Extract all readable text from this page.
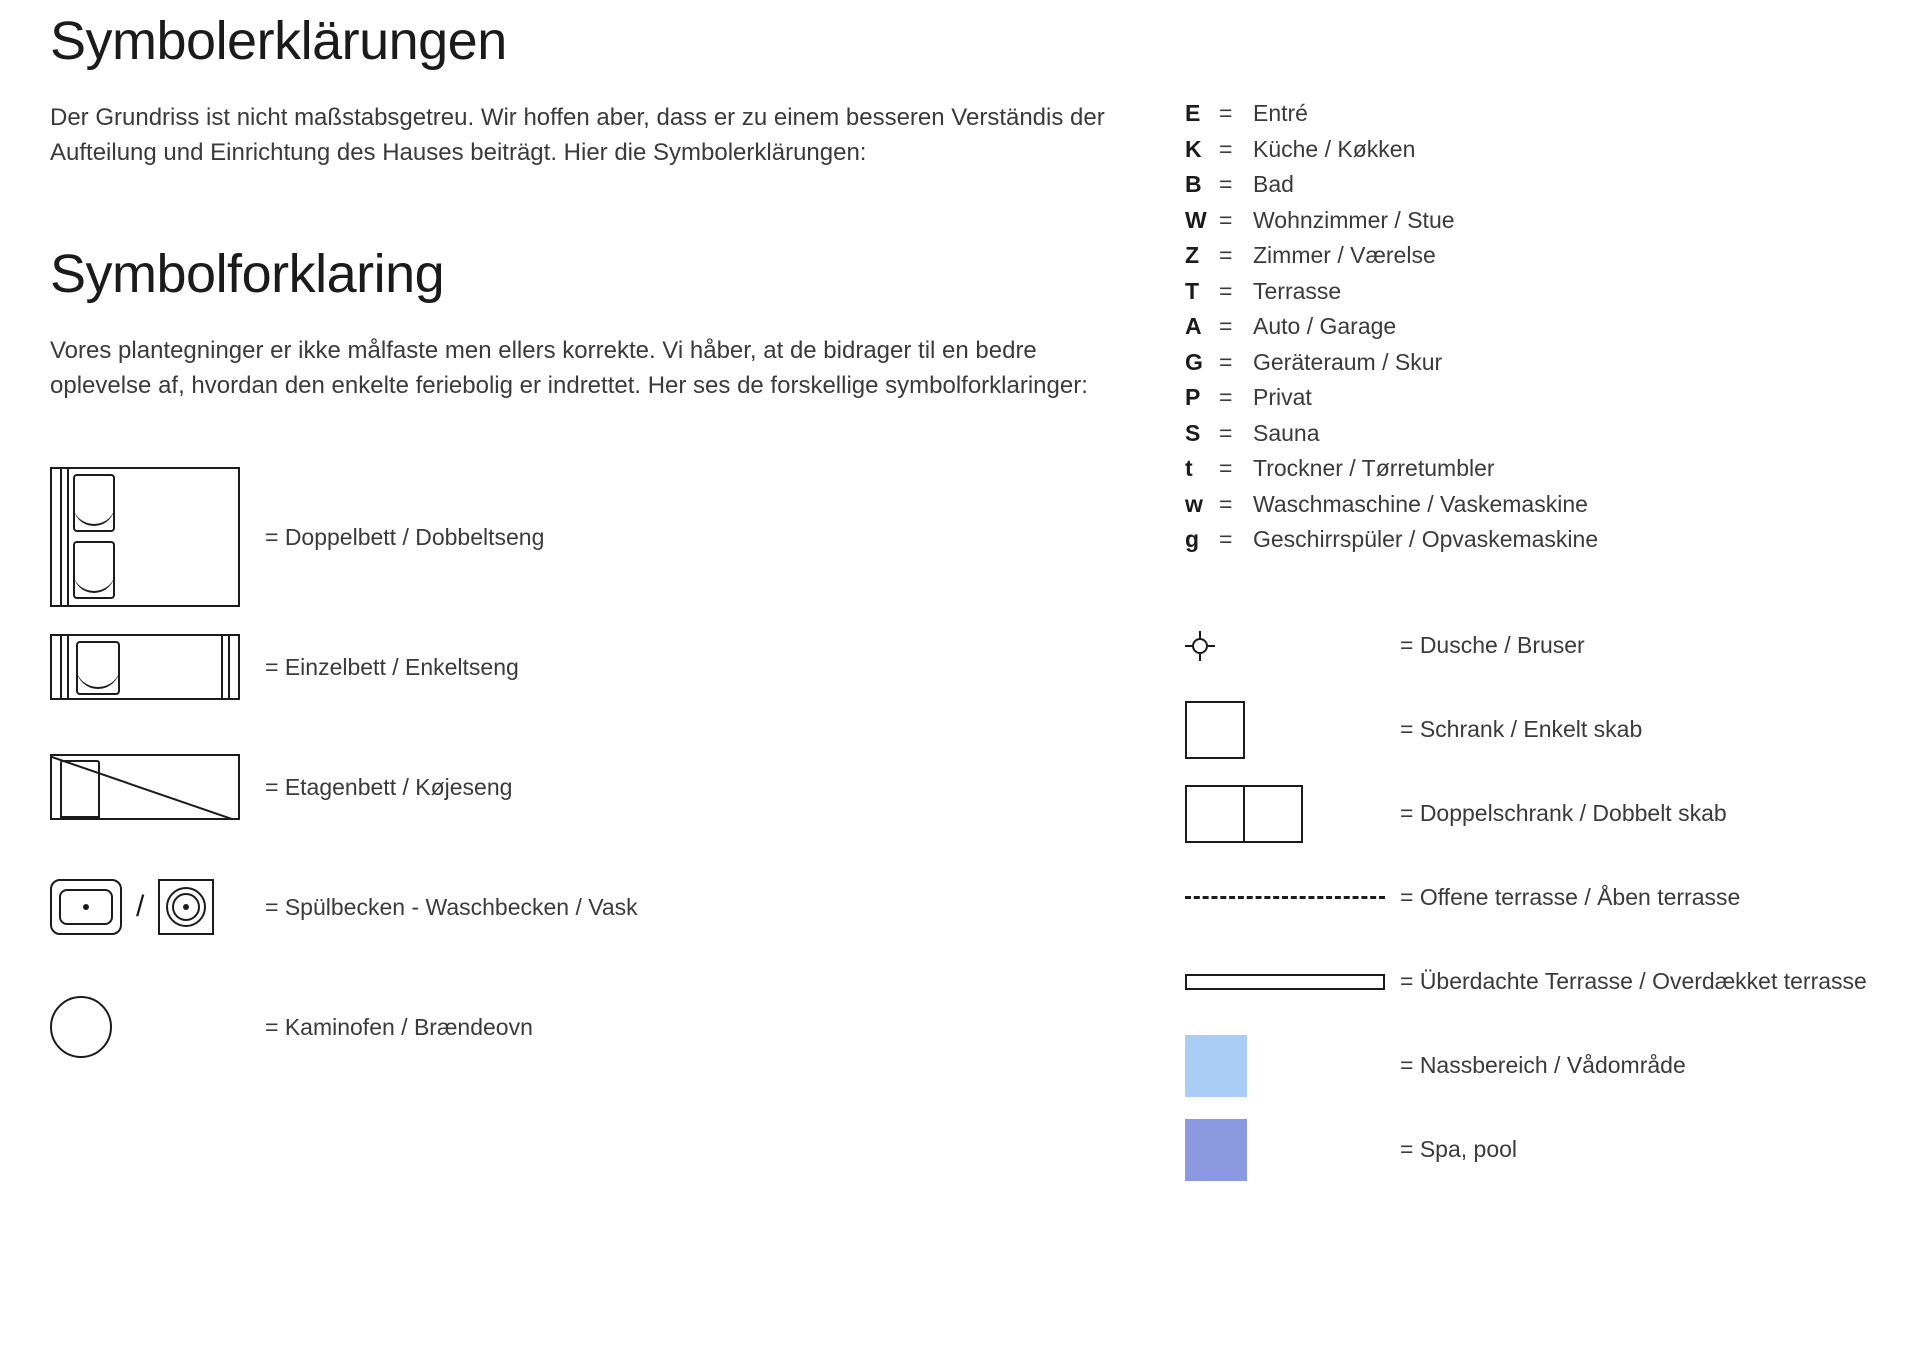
Symbolerklärungen

Der Grundriss ist nicht maßstabsgetreu. Wir hoffen aber, dass er zu einem besseren Verständis der Aufteilung und Einrichtung des Hauses beiträgt. Hier die Symbolerklärungen:

Symbolforklaring

Vores plantegninger er ikke målfaste men ellers korrekte. Vi håber, at de bidrager til en bedre oplevelse af, hvordan den enkelte feriebolig er indrettet. Her ses de forskellige symbolforklaringer:

= Doppelbett / Dobbeltseng
= Einzelbett / Enkeltseng
= Etagenbett / Køjeseng
/	= Spülbecken - Waschbecken / Vask
= Kaminofen / Brændeovn
E = Entré
K = Küche / Køkken
B = Bad
W = Wohnzimmer / Stue
Z = Zimmer / Værelse
T = Terrasse
A = Auto / Garage
G = Geräteraum / Skur
P = Privat
S = Sauna
t	= Trockner / Tørretumbler
w = Waschmaschine / Vaskemaskine
g = Geschirrspüler / Opvaskemaskine
= Dusche / Bruser
= Schrank / Enkelt skab
= Doppelschrank / Dobbelt skab
= Offene terrasse / Åben terrasse
= Überdachte Terrasse / Overdækket terrasse
= Nassbereich / Vådområde
= Spa, pool
